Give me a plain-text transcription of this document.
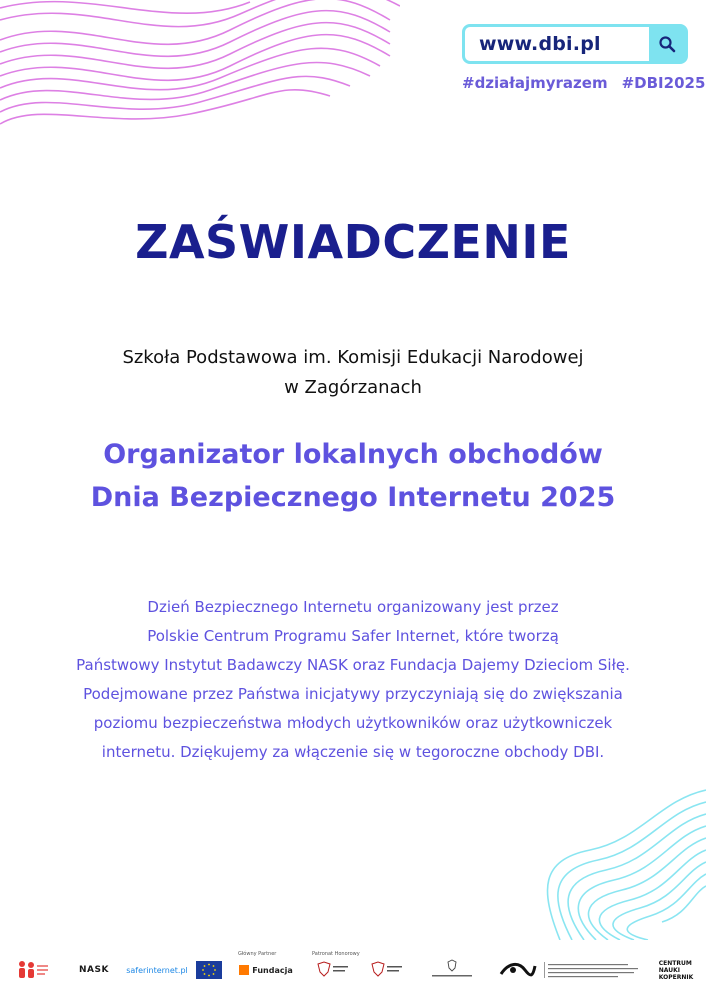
www.dbi.pl
#działajmyrazem #DBI2025
ZAŚWIADCZENIE
Szkoła Podstawowa im. Komisji Edukacji Narodowej
w Zagórzanach
Organizator lokalnych obchodów
Dnia Bezpiecznego Internetu 2025
Dzień Bezpiecznego Internetu organizowany jest przez
Polskie Centrum Programu Safer Internet, które tworzą
Państwowy Instytut Badawczy NASK oraz Fundacja Dajemy Dzieciom Siłę.
Podejmowane przez Państwa inicjatywy przyczyniają się do zwiększania
poziomu bezpieczeństwa młodych użytkowników oraz użytkowniczek
internetu. Dziękujemy za włączenie się w tegoroczne obchody DBI.
NASK	saferinternet.pl
Główny Partner
Fundacja
Patronat Honorowy
CENTRUM
NAUKI
KOPERNIK
